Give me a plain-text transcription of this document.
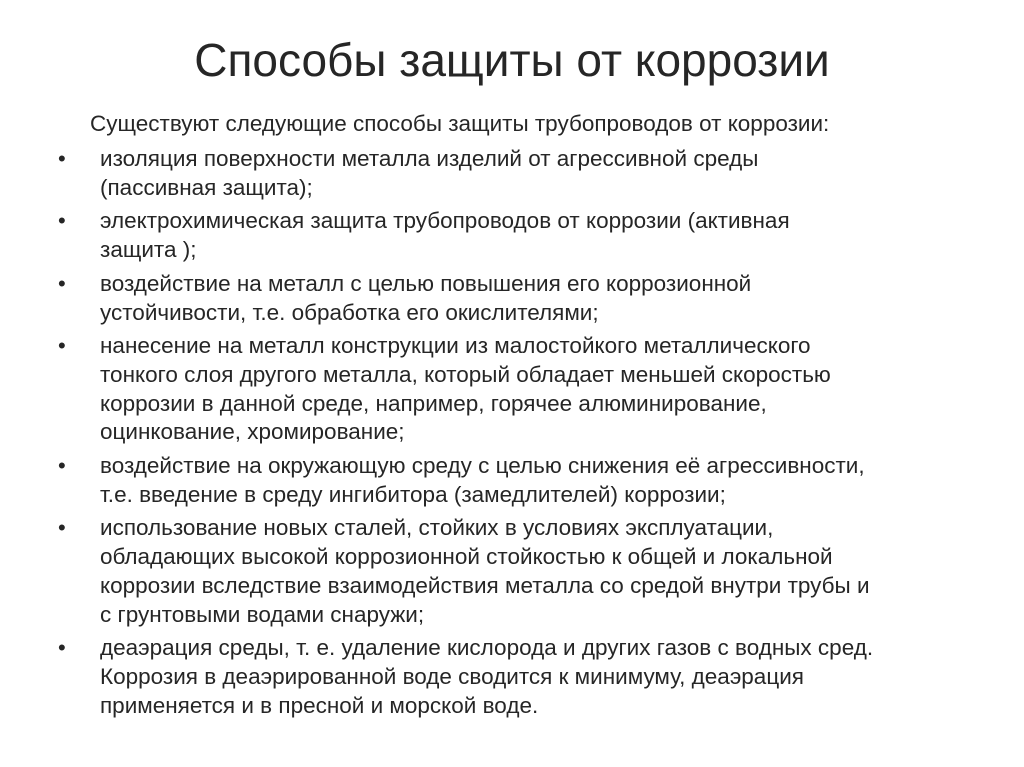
Способы защиты от коррозии
Существуют следующие способы защиты трубопроводов от коррозии:
•	изоляция поверхности металла изделий от агрессивной среды
(пассивная защита);
•	электрохимическая защита трубопроводов от коррозии (активная
защита );
•	воздействие на металл с целью повышения его коррозионной
устойчивости, т.е. обработка его окислителями;
•	нанесение на металл конструкции из малостойкого металлического
тонкого слоя другого металла, который обладает меньшей скоростью
коррозии в данной среде, например, горячее алюминирование,
оцинкование, хромирование;
•	воздействие на окружающую среду с целью снижения её агрессивности,
т.е. введение в среду ингибитора (замедлителей) коррозии;
•	использование новых сталей, стойких в условиях эксплуатации,
обладающих высокой коррозионной стойкостью к общей и локальной
коррозии вследствие взаимодействия металла со средой внутри трубы и
с грунтовыми водами снаружи;
•	деаэрация среды, т. е. удаление кислорода и других газов с водных сред.
Коррозия в деаэрированной воде сводится к минимуму, деаэрация
применяется и в пресной и морской воде.
